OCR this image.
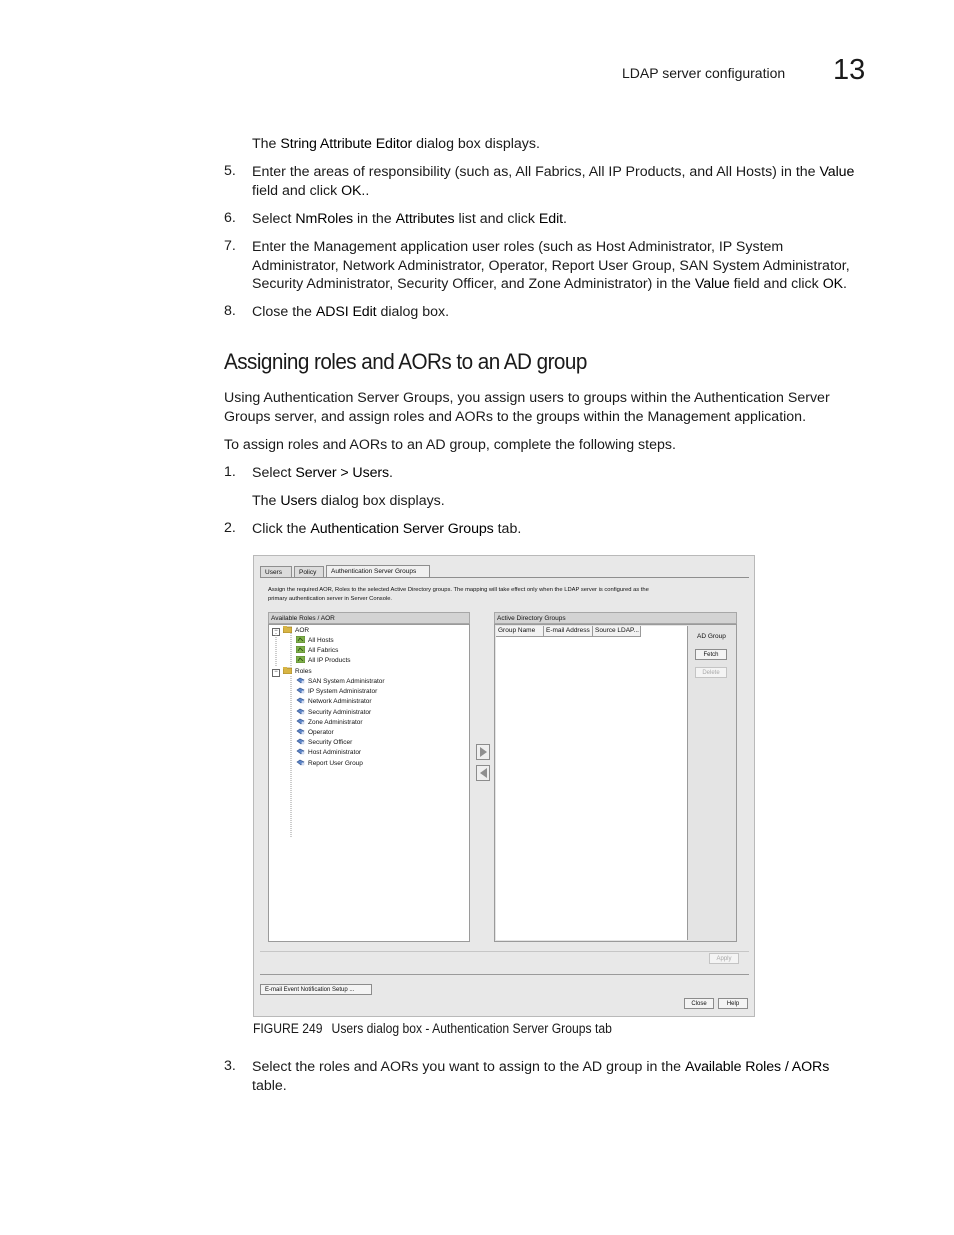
LDAP server configuration 13
The String Attribute Editor dialog box displays.
5. Enter the areas of responsibility (such as, All Fabrics, All IP Products, and All Hosts) in the Value
field and click OK..
6. Select NmRoles in the Attributes list and click Edit.
7. Enter the Management application user roles (such as Host Administrator, IP System
Administrator, Network Administrator, Operator, Report User Group, SAN System Administrator,
Security Administrator, Security Officer, and Zone Administrator) in the Value field and click OK.
8. Close the ADSI Edit dialog box.
Assigning roles and AORs to an AD group
Using Authentication Server Groups, you assign users to groups within the Authentication Server
Groups server, and assign roles and AORs to the groups within the Management application.
To assign roles and AORs to an AD group, complete the following steps.
1. Select Server > Users.
The Users dialog box displays.
2. Click the Authentication Server Groups tab.
Users	Policy	Authentication Server Groups
Assign the required AOR, Roles to the selected Active Directory groups. The mapping will take effect only when the LDAP server is configured as the
primary authentication server in Server Console.
Available Roles / AOR
−	AOR
All Hosts
All Fabrics
All IP Products
−	Roles
SAN System Administrator
IP System Administrator
Network Administrator
Security Administrator
Zone Administrator
Operator
Security Officer
Host Administrator
Report User Group
Active Directory Groups
Group Name	E-mail Address Source LDAP...
AD Group
Fetch
Delete
Apply
E-mail Event Notification Setup ...
Close	Help
FIGURE 249 Users dialog box - Authentication Server Groups tab
3. Select the roles and AORs you want to assign to the AD group in the Available Roles / AORs
table.
